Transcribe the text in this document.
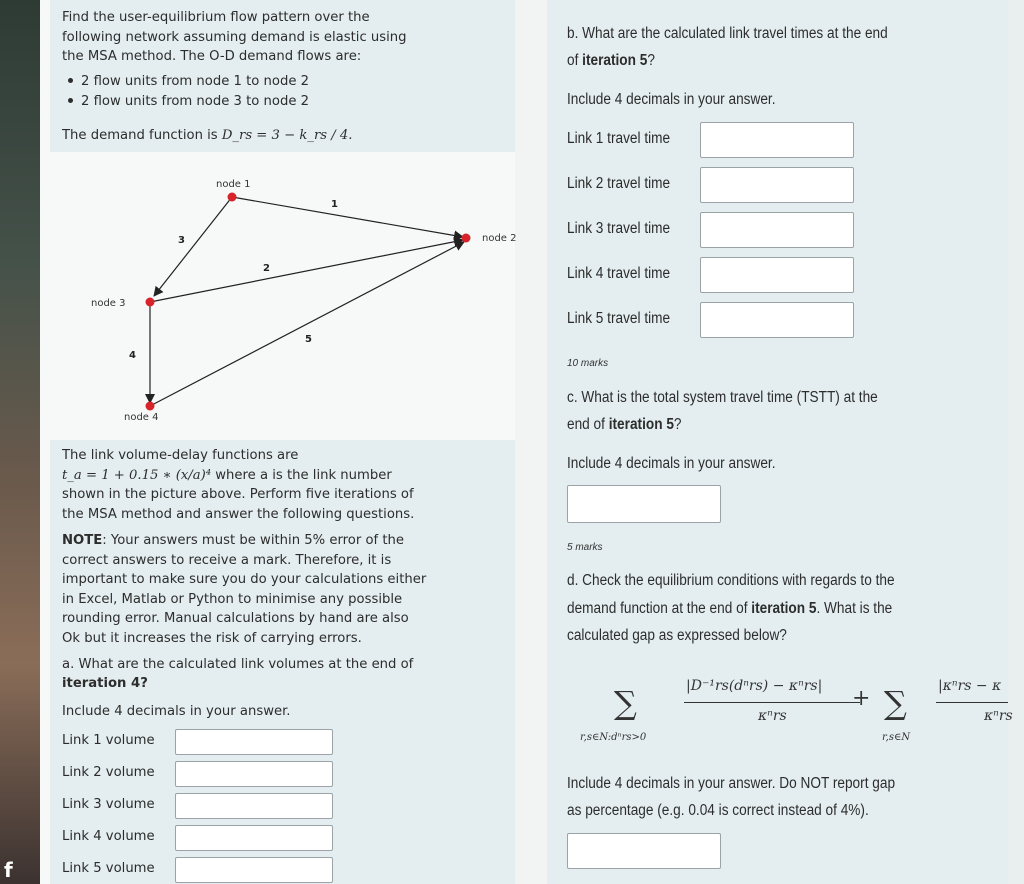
f
Find the user-equilibrium flow pattern over the
following network assuming demand is elastic using
the MSA method. The O-D demand flows are:
2 flow units from node 1 to node 2
2 flow units from node 3 to node 2
The demand function is D_rs = 3 − k_rs / 4.
node 1
node 2
node 3
node 4
1
2
3
4
5
The link volume-delay functions are
t_a = 1 + 0.15 ∗ (x/a)⁴ where a is the link number
shown in the picture above. Perform five iterations of
the MSA method and answer the following questions.
NOTE: Your answers must be within 5% error of the
correct answers to receive a mark. Therefore, it is
important to make sure you do your calculations either
in Excel, Matlab or Python to minimise any possible
rounding error. Manual calculations by hand are also
Ok but it increases the risk of carrying errors.
a. What are the calculated link volumes at the end of
iteration 4?
Include 4 decimals in your answer.
Link 1 volume
Link 2 volume
Link 3 volume
Link 4 volume
Link 5 volume
b. What are the calculated link travel times at the end
of iteration 5?
Include 4 decimals in your answer.
Link 1 travel time
Link 2 travel time
Link 3 travel time
Link 4 travel time
Link 5 travel time
10 marks
c. What is the total system travel time (TSTT) at the
end of iteration 5?
Include 4 decimals in your answer.
5 marks
d. Check the equilibrium conditions with regards to the
demand function at the end of iteration 5. What is the
calculated gap as expressed below?
∑
r,s∈N:dⁿrs>0
|D⁻¹rs(dⁿrs) − κⁿrs|
κⁿrs
+ ∑
r,s∈N
|κⁿrs − κ
κⁿrs
Include 4 decimals in your answer. Do NOT report gap
as percentage (e.g. 0.04 is correct instead of 4%).
